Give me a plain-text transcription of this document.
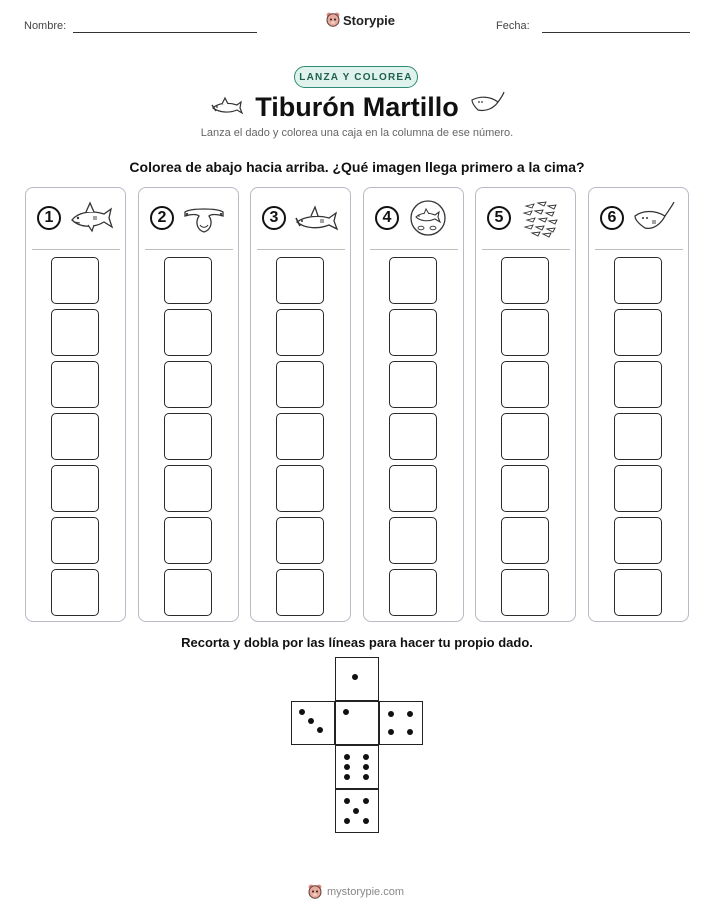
Nombre:	Storypie	Fecha:
LANZA Y COLOREA
Tiburón Martillo
Lanza el dado y colorea una caja en la columna de ese número.
Colorea de abajo hacia arriba. ¿Qué imagen llega primero a la cima?
1	2	3	4	5	6
Recorta y dobla por las líneas para hacer tu propio dado.
mystorypie.com
